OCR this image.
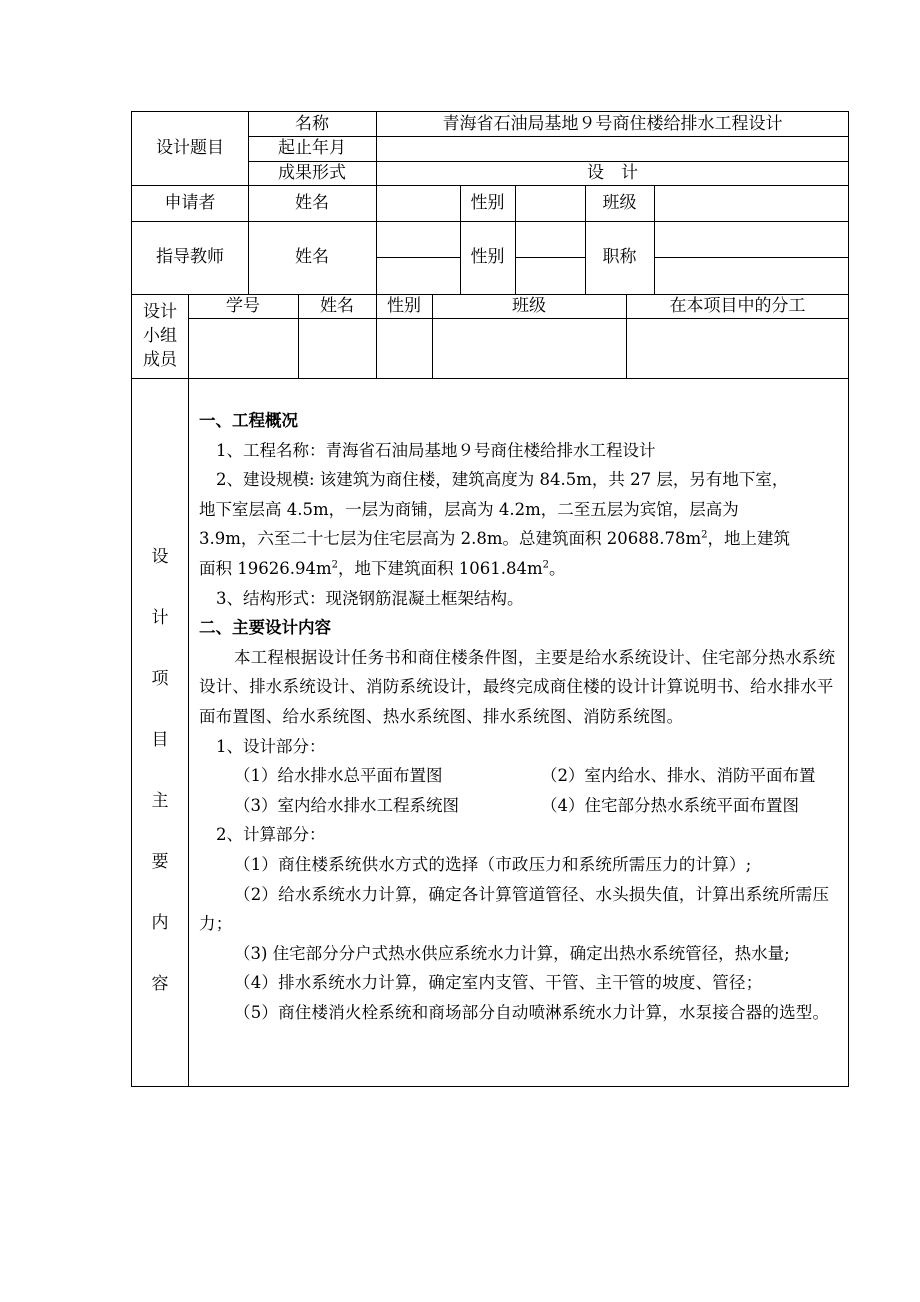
设计题目
名称	青海省石油局基地９号商住楼给排水工程设计
起止年月
成果形式	设　计
申请者	姓名	性别	班级
指导教师	姓名	性别	职称
设计
小组
成员
学号	姓名	性别	班级	在本项目中的分工
设
计
项
目
主
要
内
容

一、工程概况

1、工程名称：青海省石油局基地９号商住楼给排水工程设计

2、建设规模: 该建筑为商住楼，建筑高度为 84.5m，共 27 层，另有地下室，

地下室层高 4.5m，一层为商铺，层高为 4.2m，二至五层为宾馆，层高为

3.9m，六至二十七层为住宅层高为 2.8m。总建筑面积 $20688.78m^2$，地上建筑

面积 $19626.94m^2$，地下建筑面积 $1061.84m^2$。

3、结构形式：现浇钢筋混凝土框架结构。

二、主要设计内容

本工程根据设计任务书和商住楼条件图，主要是给水系统设计、住宅部分热水系统设计、排水系统设计、消防系统设计，最终完成商住楼的设计计算说明书、给水排水平面布置图、给水系统图、热水系统图、排水系统图、消防系统图。

1、设计部分：

（1）给水排水总平面布置图	（2）室内给水、排水、消防平面布置
（3）室内给水排水工程系统图	（4）住宅部分热水系统平面布置图

2、计算部分：

（1）商住楼系统供水方式的选择（市政压力和系统所需压力的计算）;

（2）给水系统水力计算，确定各计算管道管径、水头损失值，计算出系统所需压力；

（3) 住宅部分分户式热水供应系统水力计算，确定出热水系统管径，热水量;

（4）排水系统水力计算，确定室内支管、干管、主干管的坡度、管径；

（5）商住楼消火栓系统和商场部分自动喷淋系统水力计算，水泵接合器的选型。
